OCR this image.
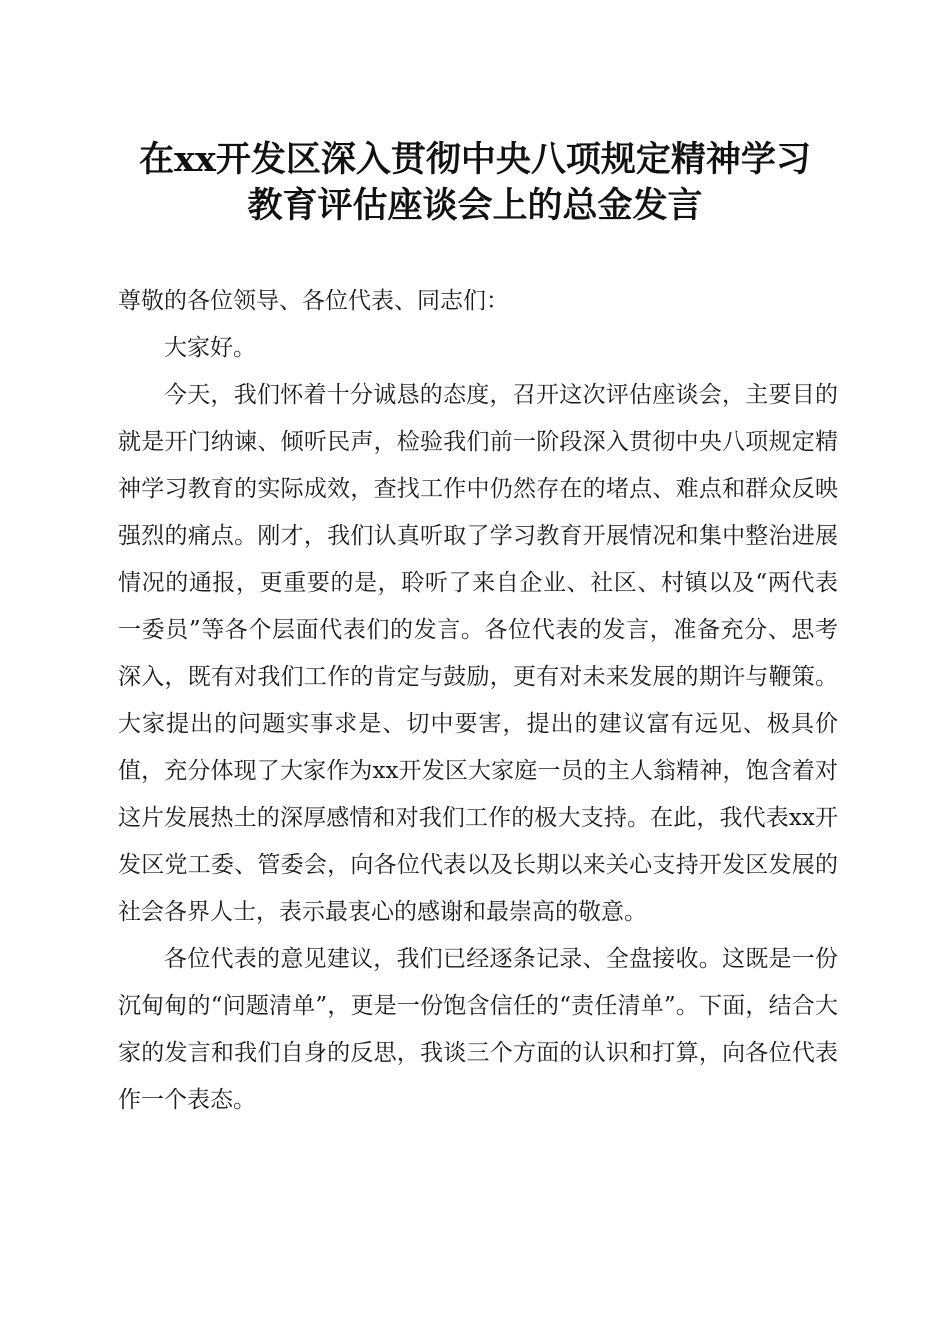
在xx开发区深入贯彻中央八项规定精神学习
教育评估座谈会上的总金发言
尊敬的各位领导、各位代表、同志们：

大家好。

今天，我们怀着十分诚恳的态度，召开这次评估座谈会，主要目的就是开门纳谏、倾听民声，检验我们前一阶段深入贯彻中央八项规定精神学习教育的实际成效，查找工作中仍然存在的堵点、难点和群众反映强烈的痛点。刚才，我们认真听取了学习教育开展情况和集中整治进展情况的通报，更重要的是，聆听了来自企业、社区、村镇以及“两代表一委员”等各个层面代表们的发言。各位代表的发言，准备充分、思考深入，既有对我们工作的肯定与鼓励，更有对未来发展的期许与鞭策。大家提出的问题实事求是、切中要害，提出的建议富有远见、极具价值，充分体现了大家作为xx开发区大家庭一员的主人翁精神，饱含着对这片发展热土的深厚感情和对我们工作的极大支持。在此，我代表xx开发区党工委、管委会，向各位代表以及长期以来关心支持开发区发展的社会各界人士，表示最衷心的感谢和最崇高的敬意。

各位代表的意见建议，我们已经逐条记录、全盘接收。这既是一份沉甸甸的“问题清单”，更是一份饱含信任的“责任清单”。下面，结合大家的发言和我们自身的反思，我谈三个方面的认识和打算，向各位代表作一个表态。
